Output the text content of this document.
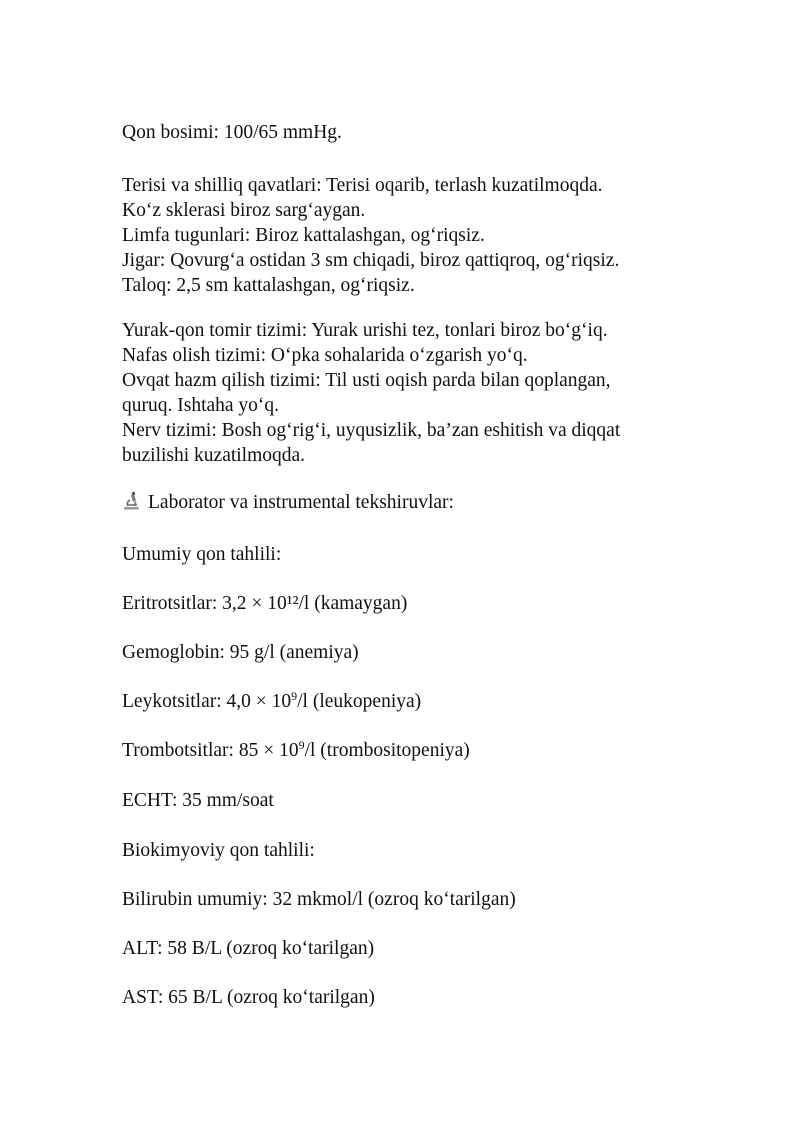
Qon bosimi: 100/65 mmHg.
Terisi va shilliq qavatlari: Terisi oqarib, terlash kuzatilmoqda.
Ko‘z sklerasi biroz sarg‘aygan.
Limfa tugunlari: Biroz kattalashgan, og‘riqsiz.
Jigar: Qovurg‘a ostidan 3 sm chiqadi, biroz qattiqroq, og‘riqsiz.
Taloq: 2,5 sm kattalashgan, og‘riqsiz.
Yurak-qon tomir tizimi: Yurak urishi tez, tonlari biroz bo‘g‘iq.
Nafas olish tizimi: O‘pka sohalarida o‘zgarish yo‘q.
Ovqat hazm qilish tizimi: Til usti oqish parda bilan qoplangan,
quruq. Ishtaha yo‘q.
Nerv tizimi: Bosh og‘rig‘i, uyqusizlik, ba’zan eshitish va diqqat
buzilishi kuzatilmoqda.
Laborator va instrumental tekshiruvlar:
Umumiy qon tahlili:
Eritrotsitlar: 3,2 × 10¹²/l (kamaygan)
Gemoglobin: 95 g/l (anemiya)
Leykotsitlar: $4,0 \times 10^9/l$ (leukopeniya)
Trombotsitlar: $85 \times 10^9/l$ (trombositopeniya)
ECHT: 35 mm/soat
Biokimyoviy qon tahlili:
Bilirubin umumiy: 32 mkmol/l (ozroq ko‘tarilgan)
ALT: 58 B/L (ozroq ko‘tarilgan)
AST: 65 B/L (ozroq ko‘tarilgan)
